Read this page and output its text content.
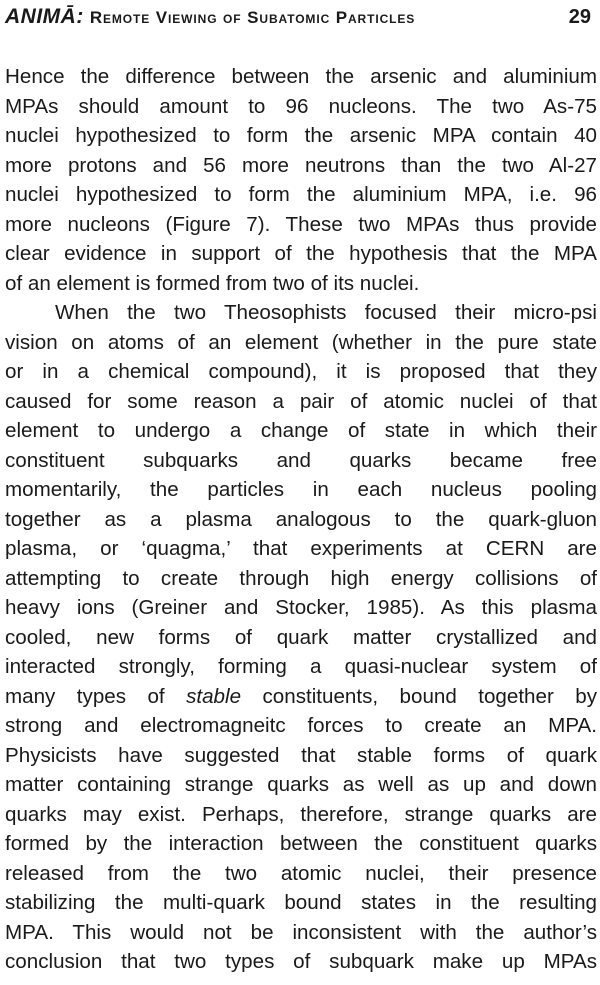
ANIMĀ: Remote Viewing of Subatomic Particles	29
Hence the difference between the arsenic and aluminium
MPAs should amount to 96 nucleons. The two As-75
nuclei hypothesized to form the arsenic MPA contain 40
more protons and 56 more neutrons than the two Al-27
nuclei hypothesized to form the aluminium MPA, i.e. 96
more nucleons (Figure 7). These two MPAs thus provide
clear evidence in support of the hypothesis that the MPA
of an element is formed from two of its nuclei.
When the two Theosophists focused their micro-psi
vision on atoms of an element (whether in the pure state
or in a chemical compound), it is proposed that they
caused for some reason a pair of atomic nuclei of that
element to undergo a change of state in which their
constituent subquarks and quarks became free
momentarily, the particles in each nucleus pooling
together as a plasma analogous to the quark-gluon
plasma, or ‘quagma,’ that experiments at CERN are
attempting to create through high energy collisions of
heavy ions (Greiner and Stocker, 1985). As this plasma
cooled, new forms of quark matter crystallized and
interacted strongly, forming a quasi-nuclear system of
many types of stable constituents, bound together by
strong and electromagneitc forces to create an MPA.
Physicists have suggested that stable forms of quark
matter containing strange quarks as well as up and down
quarks may exist. Perhaps, therefore, strange quarks are
formed by the interaction between the constituent quarks
released from the two atomic nuclei, their presence
stabilizing the multi-quark bound states in the resulting
MPA. This would not be inconsistent with the author’s
conclusion that two types of subquark make up MPAs
